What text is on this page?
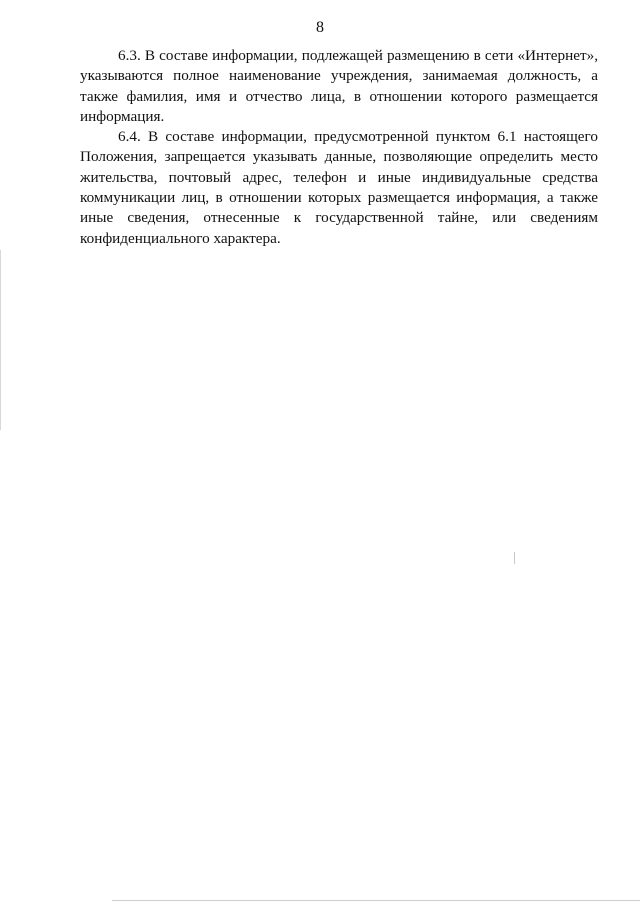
8

6.3. В составе информации, подлежащей размещению в сети «Интернет», указываются полное наименование учреждения, занимаемая должность, а также фамилия, имя и отчество лица, в отношении которого размещается информация.

6.4. В составе информации, предусмотренной пунктом 6.1 настоящего Положения, запрещается указывать данные, позволяющие определить место жительства, почтовый адрес, телефон и иные индивидуальные средства коммуникации лиц, в отношении которых размещается информация, а также иные сведения, отнесенные к государственной тайне, или сведениям конфиденциального характера.
